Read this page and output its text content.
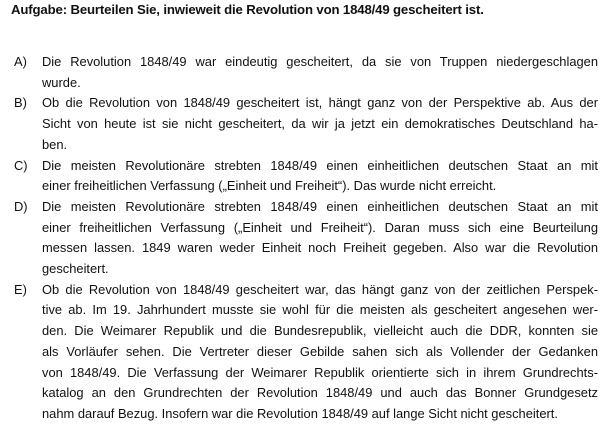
Aufgabe: Beurteilen Sie, inwieweit die Revolution von 1848/49 gescheitert ist.
A)	Die Revolution 1848/49 war eindeutig gescheitert, da sie von Truppen niedergeschlagen
wurde.
B)	Ob die Revolution von 1848/49 gescheitert ist, hängt ganz von der Perspektive ab. Aus der
Sicht von heute ist sie nicht gescheitert, da wir ja jetzt ein demokratisches Deutschland ha-
ben.
C)	Die meisten Revolutionäre strebten 1848/49 einen einheitlichen deutschen Staat an mit
einer freiheitlichen Verfassung („Einheit und Freiheit“). Das wurde nicht erreicht.
D)	Die meisten Revolutionäre strebten 1848/49 einen einheitlichen deutschen Staat an mit
einer freiheitlichen Verfassung („Einheit und Freiheit“). Daran muss sich eine Beurteilung
messen lassen. 1849 waren weder Einheit noch Freiheit gegeben. Also war die Revolution
gescheitert.
E)	Ob die Revolution von 1848/49 gescheitert war, das hängt ganz von der zeitlichen Perspek-
tive ab. Im 19. Jahrhundert musste sie wohl für die meisten als gescheitert angesehen wer-
den. Die Weimarer Republik und die Bundesrepublik, vielleicht auch die DDR, konnten sie
als Vorläufer sehen. Die Vertreter dieser Gebilde sahen sich als Vollender der Gedanken
von 1848/49. Die Verfassung der Weimarer Republik orientierte sich in ihrem Grundrechts-
katalog an den Grundrechten der Revolution 1848/49 und auch das Bonner Grundgesetz
nahm darauf Bezug. Insofern war die Revolution 1848/49 auf lange Sicht nicht gescheitert.
